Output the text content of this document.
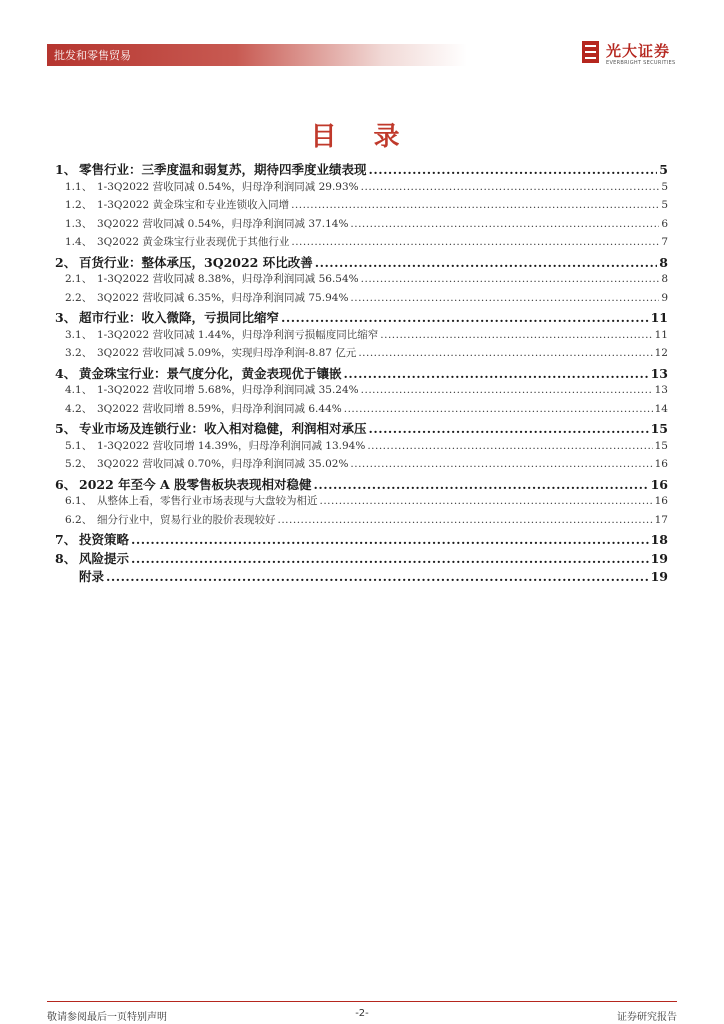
批发和零售贸易	光大证券
EVERBRIGHT SECURITIES
目 录
1、 零售行业：三季度温和弱复苏，期待四季度业绩表现 .....	5
1.1、 1-3Q2022 营收同减 0.54%，归母净利润同减 29.93% .....	5
1.2、 1-3Q2022 黄金珠宝和专业连锁收入同增 .....	5
1.3、 3Q2022 营收同减 0.54%，归母净利润同减 37.14% .....	6
1.4、 3Q2022 黄金珠宝行业表现优于其他行业 .....	7
2、 百货行业：整体承压，3Q2022 环比改善 .....	8
2.1、 1-3Q2022 营收同减 8.38%，归母净利润同减 56.54% .....	8
2.2、 3Q2022 营收同减 6.35%，归母净利润同减 75.94% .....	9
3、 超市行业：收入微降，亏损同比缩窄 .....	11
3.1、 1-3Q2022 营收同减 1.44%，归母净利润亏损幅度同比缩窄 .....	11
3.2、 3Q2022 营收同减 5.09%，实现归母净利润-8.87 亿元 .....	12
4、 黄金珠宝行业：景气度分化，黄金表现优于镶嵌 .....	13
4.1、 1-3Q2022 营收同增 5.68%，归母净利润同减 35.24% .....	13
4.2、 3Q2022 营收同增 8.59%，归母净利润同减 6.44% .....	14
5、 专业市场及连锁行业：收入相对稳健，利润相对承压 .....	15
5.1、 1-3Q2022 营收同增 14.39%，归母净利润同减 13.94% .....	15
5.2、 3Q2022 营收同减 0.70%，归母净利润同减 35.02% .....	16
6、 2022 年至今 A 股零售板块表现相对稳健 .....	16
6.1、 从整体上看，零售行业市场表现与大盘较为相近 .....	16
6.2、 细分行业中，贸易行业的股价表现较好 .....	17
7、 投资策略 .....	18
8、 风险提示 .....	19
附录 .....	19
敬请参阅最后一页特别声明	-2-	证券研究报告
